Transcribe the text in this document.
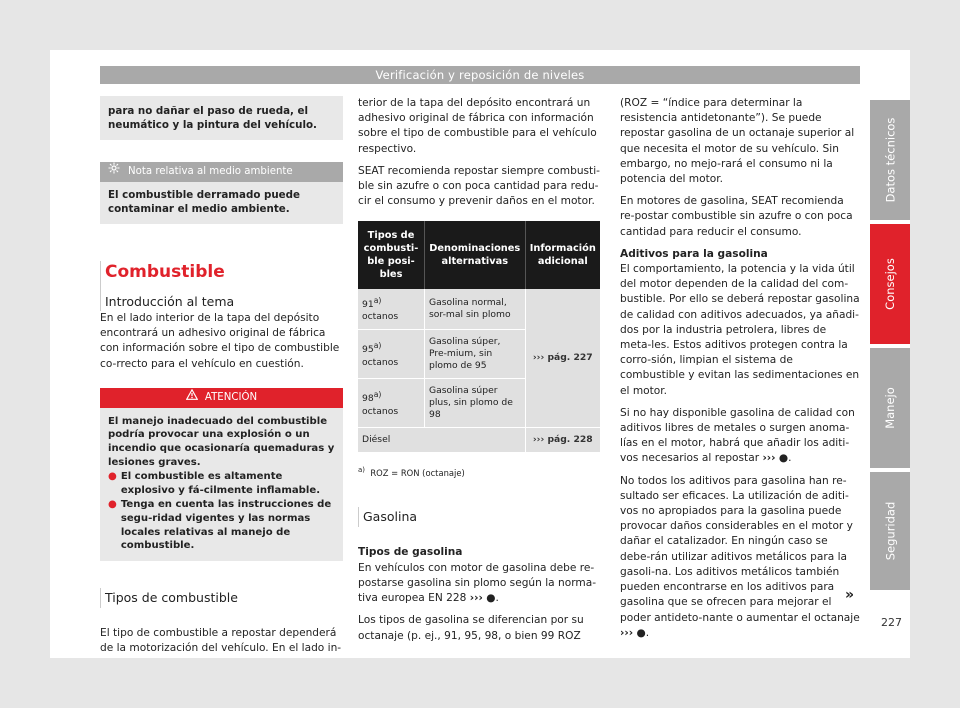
Verificación y reposición de niveles
para no dañar el paso de rueda, el neumático y la pintura del vehículo.
Nota relativa al medio ambiente
El combustible derramado puede contaminar el medio ambiente.
Combustible
Introducción al tema

En el lado interior de la tapa del depósito encontrará un adhesivo original de fábrica con información sobre el tipo de combustible co-rrecto para el vehículo en cuestión.

ATENCIÓN
El manejo inadecuado del combustible podría provocar una explosión o un incendio que ocasionaría quemaduras y lesiones graves.
● El combustible es altamente explosivo y fá-cilmente inflamable.
● Tenga en cuenta las instrucciones de segu-ridad vigentes y las normas locales relativas al manejo de combustible.
Tipos de combustible

El tipo de combustible a repostar dependerá de la motorización del vehículo. En el lado in-

terior de la tapa del depósito encontrará un adhesivo original de fábrica con información sobre el tipo de combustible para el vehículo respectivo.

SEAT recomienda repostar siempre combusti-ble sin azufre o con poca cantidad para redu-cir el consumo y prevenir daños en el motor.

Tipos de combusti-ble posi-bles	Denominaciones alternativas	Información adicional
91$^{a)}$ octanos	Gasolina normal, sor-mal sin plomo	››› pág. 227
95$^{a)}$ octanos	Gasolina súper, Pre-mium, sin plomo de 95	
98$^{a)}$ octanos	Gasolina súper plus, sin plomo de 98	
Diésel		››› pág. 228
$^{a)}$ ROZ = RON (octanaje)
Gasolina

Tipos de gasolina

En vehículos con motor de gasolina debe re-postarse gasolina sin plomo según la norma-tiva europea EN 228 ››› ●.

Los tipos de gasolina se diferencian por su octanaje (p. ej., 91, 95, 98, o bien 99 ROZ

(ROZ = “índice para determinar la resistencia antidetonante”). Se puede repostar gasolina de un octanaje superior al que necesita el motor de su vehículo. Sin embargo, no mejo-rará el consumo ni la potencia del motor.

En motores de gasolina, SEAT recomienda re-postar combustible sin azufre o con poca cantidad para reducir el consumo.

Aditivos para la gasolina

El comportamiento, la potencia y la vida útil del motor dependen de la calidad del com-bustible. Por ello se deberá repostar gasolina de calidad con aditivos adecuados, ya añadi-dos por la industria petrolera, libres de meta-les. Estos aditivos protegen contra la corro-sión, limpian el sistema de combustible y evitan las sedimentaciones en el motor.

Si no hay disponible gasolina de calidad con aditivos libres de metales o surgen anoma-lías en el motor, habrá que añadir los aditi-vos necesarios al repostar ››› ●.

No todos los aditivos para gasolina han re-sultado ser eficaces. La utilización de aditi-vos no apropiados para la gasolina puede provocar daños considerables en el motor y dañar el catalizador. En ningún caso se debe-rán utilizar aditivos metálicos para la gasoli-na. Los aditivos metálicos también pueden encontrarse en los aditivos para gasolina que se ofrecen para mejorar el poder antideto-nante o aumentar el octanaje ››› ●.

»
Datos técnicos
Consejos
Manejo
Seguridad
227
